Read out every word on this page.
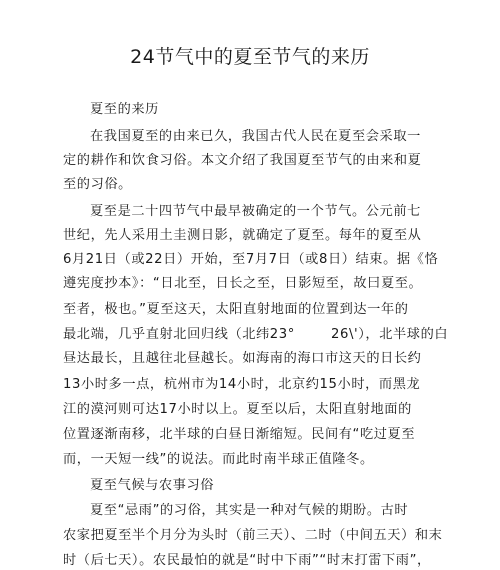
24节气中的夏至节气的来历
夏至的来历
在我国夏至的由来已久，我国古代人民在夏至会采取一
定的耕作和饮食习俗。本文介绍了我国夏至节气的由来和夏
至的习俗。
夏至是二十四节气中最早被确定的一个节气。公元前七
世纪，先人采用土圭测日影，就确定了夏至。每年的夏至从
6月21日（或22日）开始，至7月7日（或8日）结束。据《恪
遵宪度抄本》：“日北至，日长之至，日影短至，故曰夏至。
至者，极也。”夏至这天，太阳直射地面的位置到达一年的
最北端，几乎直射北回归线（北纬23°	26\'），北半球的白
昼达最长，且越往北昼越长。如海南的海口市这天的日长约
13小时多一点，杭州市为14小时，北京约15小时，而黑龙
江的漠河则可达17小时以上。夏至以后，太阳直射地面的
位置逐渐南移，北半球的白昼日渐缩短。民间有“吃过夏至
而，一天短一线”的说法。而此时南半球正值隆冬。
夏至气候与农事习俗
夏至“忌雨”的习俗，其实是一种对气候的期盼。古时
农家把夏至半个月分为头时（前三天）、二时（中间五天）和末
时（后七天）。农民最怕的就是“时中下雨”“时末打雷下雨”，
